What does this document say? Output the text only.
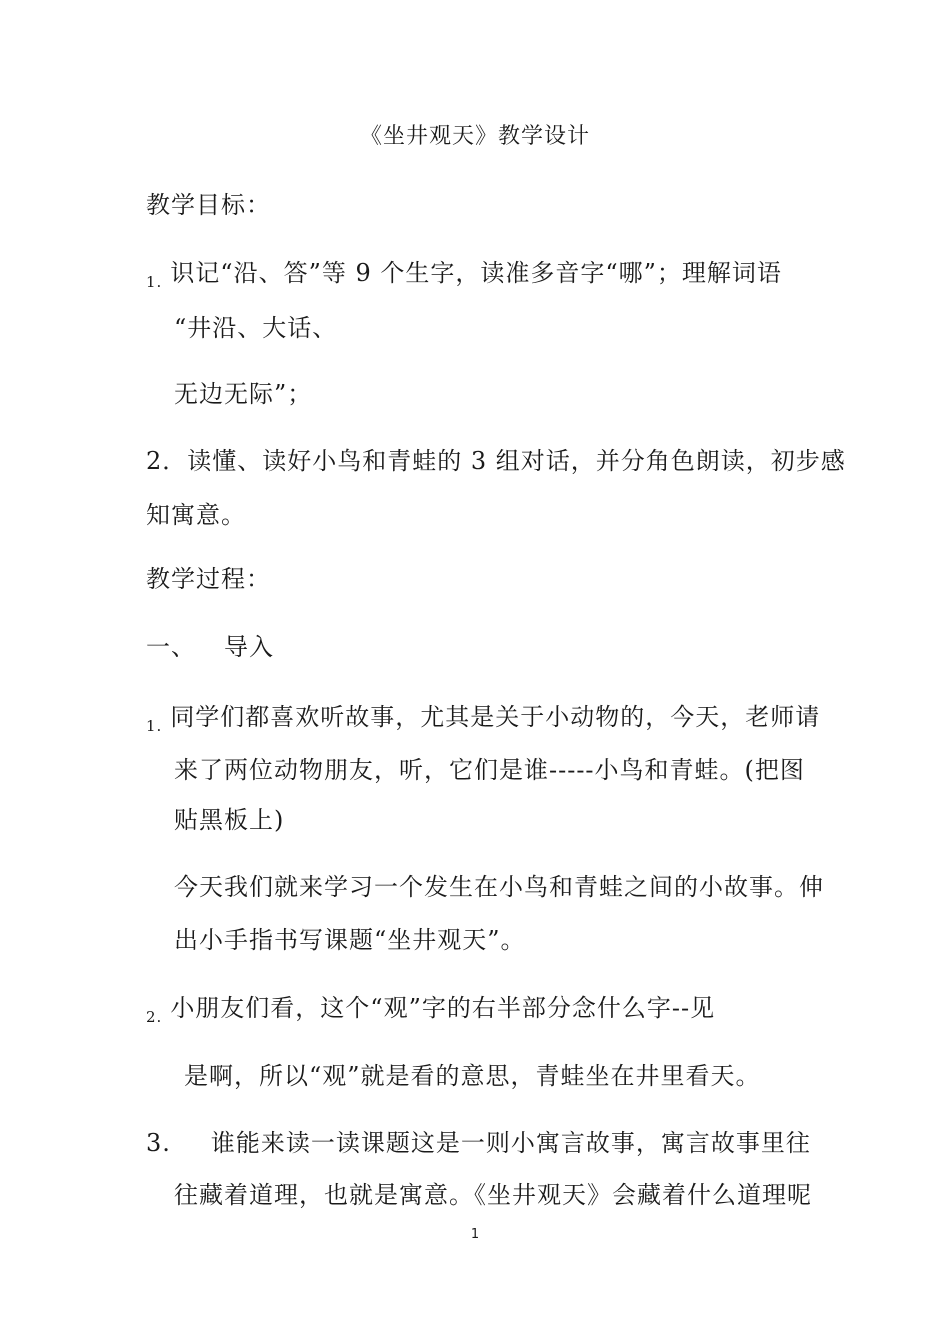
《坐井观天》教学设计
教学目标：
1. 识记“沿、答”等 9 个生字，读准多音字“哪”；理解词语
“井沿、大话、
无边无际”；
2．读懂、读好小鸟和青蛙的 3 组对话，并分角色朗读，初步感
知寓意。
教学过程：
一、 导入
1. 同学们都喜欢听故事，尤其是关于小动物的，今天，老师请
来了两位动物朋友，听，它们是谁-----小鸟和青蛙。(把图
贴黑板上)
今天我们就来学习一个发生在小鸟和青蛙之间的小故事。伸
出小手指书写课题“坐井观天”。
2. 小朋友们看，这个“观”字的右半部分念什么字--见
是啊，所以“观”就是看的意思，青蛙坐在井里看天。
3. 谁能来读一读课题这是一则小寓言故事，寓言故事里往
往藏着道理，也就是寓意。《坐井观天》会藏着什么道理呢
1
